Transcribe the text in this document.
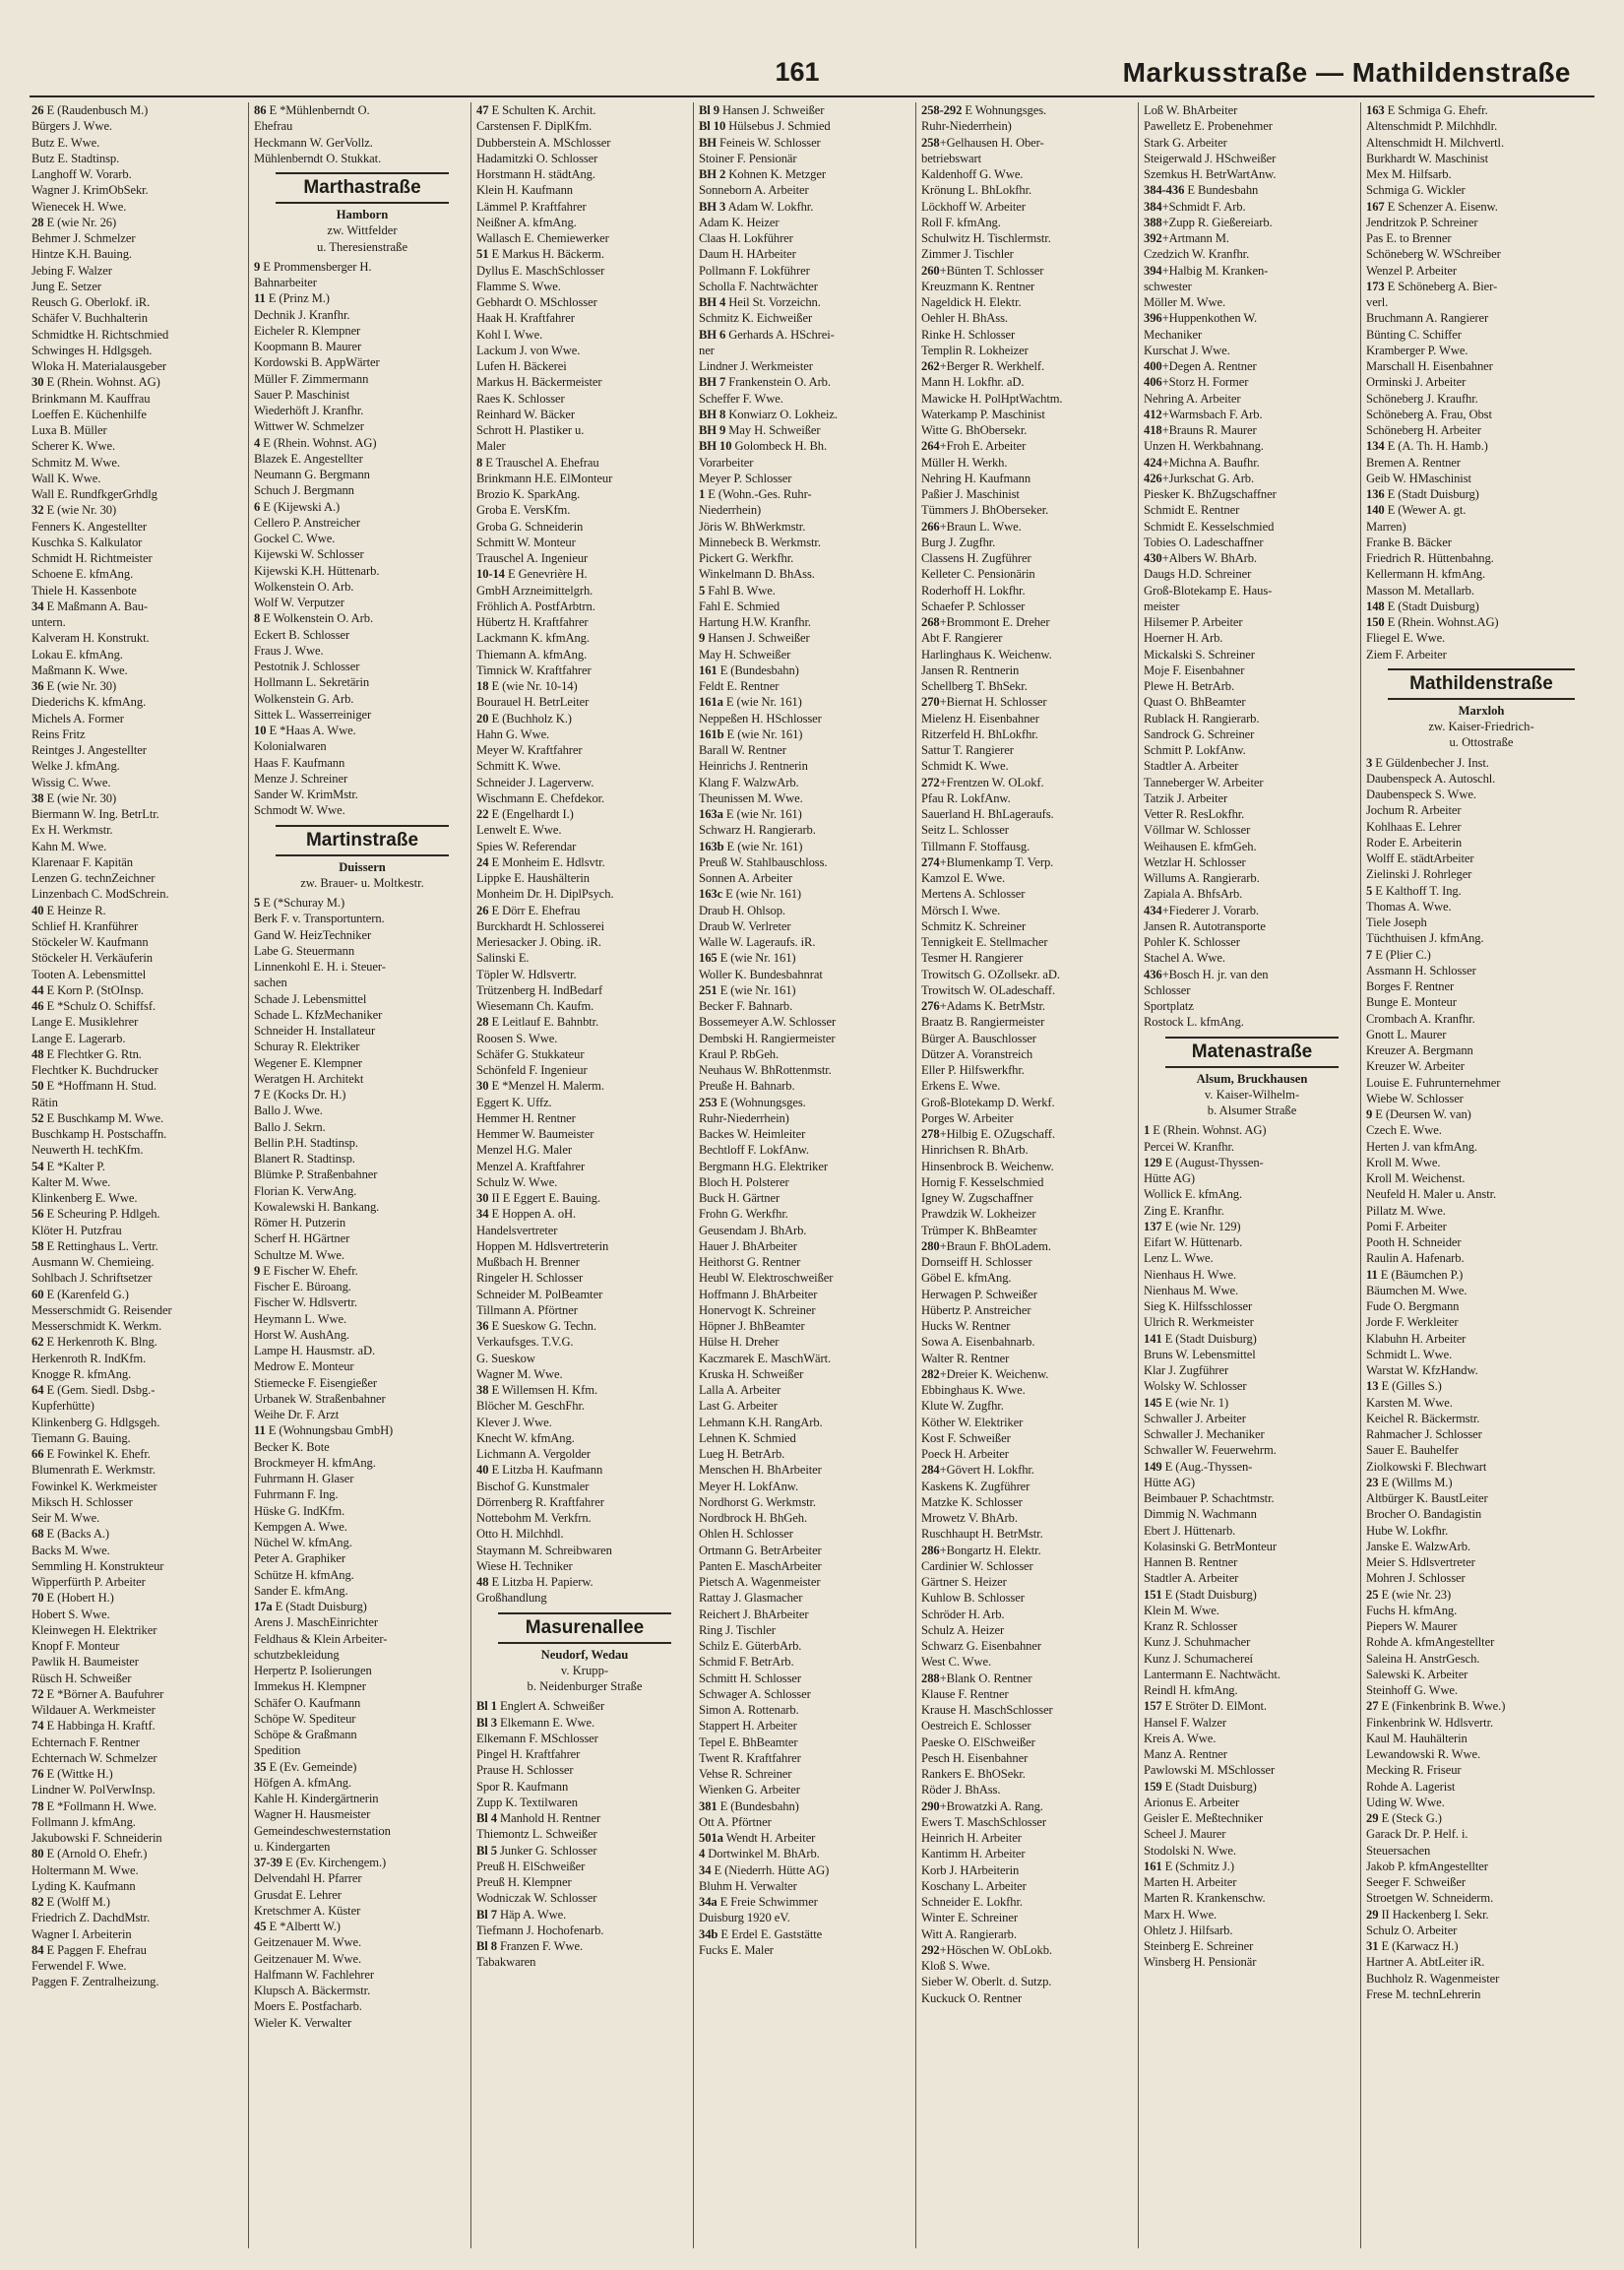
161	Markusstraße — Mathildenstraße
26 E (Raudenbusch M.)
Bürgers J. Wwe.
Butz E. Wwe.
Butz E. Stadtinsp.
Langhoff W. Vorarb.
Wagner J. KrimObSekr.
Wienecek H. Wwe.
28 E (wie Nr. 26)
Behmer J. Schmelzer
Hintze K.H. Bauing.
Jebing F. Walzer
Jung E. Setzer
Reusch G. Oberlokf. iR.
Schäfer V. Buchhalterin
Schmidtke H. Richtschmied
Schwinges H. Hdlgsgeh.
Wloka H. Materialausgeber
30 E (Rhein. Wohnst. AG)
Brinkmann M. Kauffrau
Loeffen E. Küchenhilfe
Luxa B. Müller
Scherer K. Wwe.
Schmitz M. Wwe.
Wall K. Wwe.
Wall E. RundfkgerGrhdlg
32 E (wie Nr. 30)
Fenners K. Angestellter
Kuschka S. Kalkulator
Schmidt H. Richtmeister
Schoene E. kfmAng.
Thiele H. Kassenbote
34 E Maßmann A. Bau-
untern.
Kalveram H. Konstrukt.
Lokau E. kfmAng.
Maßmann K. Wwe.
36 E (wie Nr. 30)
Diederichs K. kfmAng.
Michels A. Former
Reins Fritz
Reintges J. Angestellter
Welke J. kfmAng.
Wissig C. Wwe.
38 E (wie Nr. 30)
Biermann W. Ing. BetrLtr.
Ex H. Werkmstr.
Kahn M. Wwe.
Klarenaar F. Kapitän
Lenzen G. technZeichner
Linzenbach C. ModSchrein.
40 E Heinze R.
Schlief H. Kranführer
Stöckeler W. Kaufmann
Stöckeler H. Verkäuferin
Tooten A. Lebensmittel
44 E Korn P. (StOInsp.
46 E *Schulz O. Schiffsf.
Lange E. Musiklehrer
Lange E. Lagerarb.
48 E Flechtker G. Rtn.
Flechtker K. Buchdrucker
50 E *Hoffmann H. Stud.
Rätin
52 E Buschkamp M. Wwe.
Buschkamp H. Postschaffn.
Neuwerth H. techKfm.
54 E *Kalter P.
Kalter M. Wwe.
Klinkenberg E. Wwe.
56 E Scheuring P. Hdlgeh.
Klöter H. Putzfrau
58 E Rettinghaus L. Vertr.
Ausmann W. Chemieing.
Sohlbach J. Schriftsetzer
60 E (Karenfeld G.)
Messerschmidt G. Reisender
Messerschmidt K. Werkm.
62 E Herkenroth K. Blng.
Herkenroth R. IndKfm.
Knogge R. kfmAng.
64 E (Gem. Siedl. Dsbg.-
Kupferhütte)
Klinkenberg G. Hdlgsgeh.
Tiemann G. Bauing.
66 E Fowinkel K. Ehefr.
Blumenrath E. Werkmstr.
Fowinkel K. Werkmeister
Miksch H. Schlosser
Seir M. Wwe.
68 E (Backs A.)
Backs M. Wwe.
Semmling H. Konstrukteur
Wipperfürth P. Arbeiter
70 E (Hobert H.)
Hobert S. Wwe.
Kleinwegen H. Elektriker
Knopf F. Monteur
Pawlik H. Baumeister
Rüsch H. Schweißer
72 E *Börner A. Baufuhrer
Wildauer A. Werkmeister
74 E Habbinga H. Kraftf.
Echternach F. Rentner
Echternach W. Schmelzer
76 E (Wittke H.)
Lindner W. PolVerwInsp.
78 E *Follmann H. Wwe.
Follmann J. kfmAng.
Jakubowski F. Schneiderin
80 E (Arnold O. Ehefr.)
Holtermann M. Wwe.
Lyding K. Kaufmann
82 E (Wolff M.)
Friedrich Z. DachdMstr.
Wagner I. Arbeiterin
84 E Paggen F. Ehefrau
Ferwendel F. Wwe.
Paggen F. Zentralheizung.
86 E *Mühlenberndt O.
Ehefrau
Heckmann W. GerVollz.
Mühlenberndt O. Stukkat.
Marthastraße
Hamborn
zw. Wittfelder
u. Theresienstraße
9 E Prommensberger H.
Bahnarbeiter
11 E (Prinz M.)
Dechnik J. Kranfhr.
Eicheler R. Klempner
Koopmann B. Maurer
Kordowski B. AppWärter
Müller F. Zimmermann
Sauer P. Maschinist
Wiederhöft J. Kranfhr.
Wittwer W. Schmelzer
4 E (Rhein. Wohnst. AG)
Blazek E. Angestellter
Neumann G. Bergmann
Schuch J. Bergmann
6 E (Kijewski A.)
Cellero P. Anstreicher
Gockel C. Wwe.
Kijewski W. Schlosser
Kijewski K.H. Hüttenarb.
Wolkenstein O. Arb.
Wolf W. Verputzer
8 E Wolkenstein O. Arb.
Eckert B. Schlosser
Fraus J. Wwe.
Pestotnik J. Schlosser
Hollmann L. Sekretärin
Wolkenstein G. Arb.
Sittek L. Wasserreiniger
10 E *Haas A. Wwe.
Kolonialwaren
Haas F. Kaufmann
Menze J. Schreiner
Sander W. KrimMstr.
Schmodt W. Wwe.
Martinstraße
Duissern
zw. Brauer- u. Moltkestr.
5 E (*Schuray M.)
Berk F. v. Transportuntern.
Gand W. HeizTechniker
Labe G. Steuermann
Linnenkohl E. H. i. Steuer-
sachen
Schade J. Lebensmittel
Schade L. KfzMechaniker
Schneider H. Installateur
Schuray R. Elektriker
Wegener E. Klempner
Weratgen H. Architekt
7 E (Kocks Dr. H.)
Ballo J. Wwe.
Ballo J. Sekrn.
Bellin P.H. Stadtinsp.
Blanert R. Stadtinsp.
Blümke P. Straßenbahner
Florian K. VerwAng.
Kowalewski H. Bankang.
Römer H. Putzerin
Scherf H. HGärtner
Schultze M. Wwe.
9 E Fischer W. Ehefr.
Fischer E. Büroang.
Fischer W. Hdlsvertr.
Heymann L. Wwe.
Horst W. AushAng.
Lampe H. Hausmstr. aD.
Medrow E. Monteur
Stiemecke F. Eisengießer
Urbanek W. Straßenbahner
Weihe Dr. F. Arzt
11 E (Wohnungsbau GmbH)
Becker K. Bote
Brockmeyer H. kfmAng.
Fuhrmann H. Glaser
Fuhrmann F. Ing.
Hüske G. IndKfm.
Kempgen A. Wwe.
Nüchel W. kfmAng.
Peter A. Graphiker
Schütze H. kfmAng.
Sander E. kfmAng.
17a E (Stadt Duisburg)
Arens J. MaschEinrichter
Feldhaus & Klein Arbeiter-
schutzbekleidung
Herpertz P. Isolierungen
Immekus H. Klempner
Schäfer O. Kaufmann
Schöpe W. Spediteur
Schöpe & Graßmann
Spedition
35 E (Ev. Gemeinde)
Höfgen A. kfmAng.
Kahle H. Kindergärtnerin
Wagner H. Hausmeister
Gemeindeschwesternstation
u. Kindergarten
37-39 E (Ev. Kirchengem.)
Delvendahl H. Pfarrer
Grusdat E. Lehrer
Kretschmer A. Küster
45 E *Albertt W.)
Geitzenauer M. Wwe.
Geitzenauer M. Wwe.
Halfmann W. Fachlehrer
Klupsch A. Bäckermstr.
Moers E. Postfacharb.
Wieler K. Verwalter
47 E Schulten K. Archit.
Carstensen F. DiplKfm.
Dubberstein A. MSchlosser
Hadamitzki O. Schlosser
Horstmann H. städtAng.
Klein H. Kaufmann
Lämmel P. Kraftfahrer
Neißner A. kfmAng.
Wallasch E. Chemiewerker
51 E Markus H. Bäckerm.
Dyllus E. MaschSchlosser
Flamme S. Wwe.
Gebhardt O. MSchlosser
Haak H. Kraftfahrer
Kohl I. Wwe.
Lackum J. von Wwe.
Lufen H. Bäckerei
Markus H. Bäckermeister
Raes K. Schlosser
Reinhard W. Bäcker
Schrott H. Plastiker u.
Maler
8 E Trauschel A. Ehefrau
Brinkmann H.E. ElMonteur
Brozio K. SparkAng.
Groba E. VersKfm.
Groba G. Schneiderin
Schmitt W. Monteur
Trauschel A. Ingenieur
10-14 E Genevrière H.
GmbH Arzneimittelgrh.
Fröhlich A. PostfArbtrn.
Hübertz H. Kraftfahrer
Lackmann K. kfmAng.
Thiemann A. kfmAng.
Timnick W. Kraftfahrer
18 E (wie Nr. 10-14)
Bourauel H. BetrLeiter
20 E (Buchholz K.)
Hahn G. Wwe.
Meyer W. Kraftfahrer
Schmitt K. Wwe.
Schneider J. Lagerverw.
Wischmann E. Chefdekor.
22 E (Engelhardt I.)
Lenwelt E. Wwe.
Spies W. Referendar
24 E Monheim E. Hdlsvtr.
Lippke E. Haushälterin
Monheim Dr. H. DiplPsych.
26 E Dörr E. Ehefrau
Burckhardt H. Schlosserei
Meriesacker J. Obing. iR.
Salinski E.
Töpler W. Hdlsvertr.
Trützenberg H. IndBedarf
Wiesemann Ch. Kaufm.
28 E Leitlauf E. Bahnbtr.
Roosen S. Wwe.
Schäfer G. Stukkateur
Schönfeld F. Ingenieur
30 E *Menzel H. Malerm.
Eggert K. Uffz.
Hemmer H. Rentner
Hemmer W. Baumeister
Menzel H.G. Maler
Menzel A. Kraftfahrer
Schulz W. Wwe.
30 II E Eggert E. Bauing.
34 E Hoppen A. oH.
Handelsvertreter
Hoppen M. Hdlsvertreterin
Mußbach H. Brenner
Ringeler H. Schlosser
Schneider M. PolBeamter
Tillmann A. Pförtner
36 E Sueskow G. Techn.
Verkaufsges. T.V.G.
G. Sueskow
Wagner M. Wwe.
38 E Willemsen H. Kfm.
Blöcher M. GeschFhr.
Klever J. Wwe.
Knecht W. kfmAng.
Lichmann A. Vergolder
40 E Litzba H. Kaufmann
Bischof G. Kunstmaler
Dörrenberg R. Kraftfahrer
Nottebohm M. Verkfrn.
Otto H. Milchhdl.
Staymann M. Schreibwaren
Wiese H. Techniker
48 E Litzba H. Papierw.
Großhandlung
Masurenallee
Neudorf, Wedau
v. Krupp-
b. Neidenburger Straße
Bl 1 Englert A. Schweißer
Bl 3 Elkemann E. Wwe.
Elkemann F. MSchlosser
Pingel H. Kraftfahrer
Prause H. Schlosser
Spor R. Kaufmann
Zupp K. Textilwaren
Bl 4 Manhold H. Rentner
Thiemontz L. Schweißer
Bl 5 Junker G. Schlosser
Preuß H. ElSchweißer
Preuß H. Klempner
Wodniczak W. Schlosser
Bl 7 Häp A. Wwe.
Tiefmann J. Hochofenarb.
Bl 8 Franzen F. Wwe.
Tabakwaren
Bl 9 Hansen J. Schweißer
Bl 10 Hülsebus J. Schmied
BH Feineis W. Schlosser
Stoiner F. Pensionär
BH 2 Kohnen K. Metzger
Sonneborn A. Arbeiter
BH 3 Adam W. Lokfhr.
Adam K. Heizer
Claas H. Lokführer
Daum H. HArbeiter
Pollmann F. Lokführer
Scholla F. Nachtwächter
BH 4 Heil St. Vorzeichn.
Schmitz K. Eichweißer
BH 6 Gerhards A. HSchrei-
ner
Lindner J. Werkmeister
BH 7 Frankenstein O. Arb.
Scheffer F. Wwe.
BH 8 Konwiarz O. Lokheiz.
BH 9 May H. Schweißer
BH 10 Golombeck H. Bh.
Vorarbeiter
Meyer P. Schlosser
1 E (Wohn.-Ges. Ruhr-
Niederrhein)
Jöris W. BhWerkmstr.
Minnebeck B. Werkmstr.
Pickert G. Werkfhr.
Winkelmann D. BhAss.
5 Fahl B. Wwe.
Fahl E. Schmied
Hartung H.W. Kranfhr.
9 Hansen J. Schweißer
May H. Schweißer
161 E (Bundesbahn)
Feldt E. Rentner
161a E (wie Nr. 161)
Neppeßen H. HSchlosser
161b E (wie Nr. 161)
Barall W. Rentner
Heinrichs J. Rentnerin
Klang F. WalzwArb.
Theunissen M. Wwe.
163a E (wie Nr. 161)
Schwarz H. Rangierarb.
163b E (wie Nr. 161)
Preuß W. Stahlbauschloss.
Sonnen A. Arbeiter
163c E (wie Nr. 161)
Draub H. Ohlsop.
Draub W. Verlreter
Walle W. Lageraufs. iR.
165 E (wie Nr. 161)
Woller K. Bundesbahnrat
251 E (wie Nr. 161)
Becker F. Bahnarb.
Bossemeyer A.W. Schlosser
Dembski H. Rangiermeister
Kraul P. RbGeh.
Neuhaus W. BhRottenmstr.
Preuße H. Bahnarb.
253 E (Wohnungsges.
Ruhr-Niederrhein)
Backes W. Heimleiter
Bechtloff F. LokfAnw.
Bergmann H.G. Elektriker
Bloch H. Polsterer
Buck H. Gärtner
Frohn G. Werkfhr.
Geusendam J. BhArb.
Hauer J. BhArbeiter
Heithorst G. Rentner
Heubl W. Elektroschweißer
Hoffmann J. BhArbeiter
Honervogt K. Schreiner
Höpner J. BhBeamter
Hülse H. Dreher
Kaczmarek E. MaschWärt.
Kruska H. Schweißer
Lalla A. Arbeiter
Last G. Arbeiter
Lehmann K.H. RangArb.
Lehnen K. Schmied
Lueg H. BetrArb.
Menschen H. BhArbeiter
Meyer H. LokfAnw.
Nordhorst G. Werkmstr.
Nordbrock H. BhGeh.
Ohlen H. Schlosser
Ortmann G. BetrArbeiter
Panten E. MaschArbeiter
Pietsch A. Wagenmeister
Rattay J. Glasmacher
Reichert J. BhArbeiter
Ring J. Tischler
Schilz E. GüterbArb.
Schmid F. BetrArb.
Schmitt H. Schlosser
Schwager A. Schlosser
Simon A. Rottenarb.
Stappert H. Arbeiter
Tepel E. BhBeamter
Twent R. Kraftfahrer
Vehse R. Schreiner
Wienken G. Arbeiter
381 E (Bundesbahn)
Ott A. Pförtner
501a Wendt H. Arbeiter
4 Dortwinkel M. BhArb.
34 E (Niederrh. Hütte AG)
Bluhm H. Verwalter
34a E Freie Schwimmer
Duisburg 1920 eV.
34b E Erdel E. Gaststätte
Fucks E. Maler
258-292 E Wohnungsges.
Ruhr-Niederrhein)
258+Gelhausen H. Ober-
betriebswart
Kaldenhoff G. Wwe.
Krönung L. BhLokfhr.
Löckhoff W. Arbeiter
Roll F. kfmAng.
Schulwitz H. Tischlermstr.
Zimmer J. Tischler
260+Bünten T. Schlosser
Kreuzmann K. Rentner
Nageldick H. Elektr.
Oehler H. BhAss.
Rinke H. Schlosser
Templin R. Lokheizer
262+Berger R. Werkhelf.
Mann H. Lokfhr. aD.
Mawicke H. PolHptWachtm.
Waterkamp P. Maschinist
Witte G. BhObersekr.
264+Froh E. Arbeiter
Müller H. Werkh.
Nehring H. Kaufmann
Paßier J. Maschinist
Tümmers J. BhOberseker.
266+Braun L. Wwe.
Burg J. Zugfhr.
Classens H. Zugführer
Kelleter C. Pensionärin
Roderhoff H. Lokfhr.
Schaefer P. Schlosser
268+Brommont E. Dreher
Abt F. Rangierer
Harlinghaus K. Weichenw.
Jansen R. Rentnerin
Schellberg T. BhSekr.
270+Biernat H. Schlosser
Mielenz H. Eisenbahner
Ritzerfeld H. BhLokfhr.
Sattur T. Rangierer
Schmidt K. Wwe.
272+Frentzen W. OLokf.
Pfau R. LokfAnw.
Sauerland H. BhLageraufs.
Seitz L. Schlosser
Tillmann F. Stoffausg.
274+Blumenkamp T. Verp.
Kamzol E. Wwe.
Mertens A. Schlosser
Mörsch I. Wwe.
Schmitz K. Schreiner
Tennigkeit E. Stellmacher
Tesmer H. Rangierer
Trowitsch G. OZollsekr. aD.
Trowitsch W. OLadeschaff.
276+Adams K. BetrMstr.
Braatz B. Rangiermeister
Bürger A. Bauschlosser
Dützer A. Voranstreich
Eller P. Hilfswerkfhr.
Erkens E. Wwe.
Groß-Blotekamp D. Werkf.
Porges W. Arbeiter
278+Hilbig E. OZugschaff.
Hinrichsen R. BhArb.
Hinsenbrock B. Weichenw.
Hornig F. Kesselschmied
Igney W. Zugschaffner
Prawdzik W. Lokheizer
Trümper K. BhBeamter
280+Braun F. BhOLadem.
Dornseiff H. Schlosser
Göbel E. kfmAng.
Herwagen P. Schweißer
Hübertz P. Anstreicher
Hucks W. Rentner
Sowa A. Eisenbahnarb.
Walter R. Rentner
282+Dreier K. Weichenw.
Ebbinghaus K. Wwe.
Klute W. Zugfhr.
Köther W. Elektriker
Kost F. Schweißer
Poeck H. Arbeiter
284+Gövert H. Lokfhr.
Kaskens K. Zugführer
Matzke K. Schlosser
Mrowetz V. BhArb.
Ruschhaupt H. BetrMstr.
286+Bongartz H. Elektr.
Cardinier W. Schlosser
Gärtner S. Heizer
Kuhlow B. Schlosser
Schröder H. Arb.
Schulz A. Heizer
Schwarz G. Eisenbahner
West C. Wwe.
288+Blank O. Rentner
Klause F. Rentner
Krause H. MaschSchlosser
Oestreich E. Schlosser
Paeske O. ElSchweißer
Pesch H. Eisenbahner
Rankers E. BhOSekr.
Röder J. BhAss.
290+Browatzki A. Rang.
Ewers T. MaschSchlosser
Heinrich H. Arbeiter
Kantimm H. Arbeiter
Korb J. HArbeiterin
Koschany L. Arbeiter
Schneider E. Lokfhr.
Winter E. Schreiner
Witt A. Rangierarb.
292+Höschen W. ObLokb.
Kloß S. Wwe.
Sieber W. Oberlt. d. Sutzp.
Kuckuck O. Rentner
Loß W. BhArbeiter
Pawelletz E. Probenehmer
Stark G. Arbeiter
Steigerwald J. HSchweißer
Szemkus H. BetrWartAnw.
384-436 E Bundesbahn
384+Schmidt F. Arb.
388+Zupp R. Gießereiarb.
392+Artmann M.
Czedzich W. Kranfhr.
394+Halbig M. Kranken-
schwester
Möller M. Wwe.
396+Huppenkothen W.
Mechaniker
Kurschat J. Wwe.
400+Degen A. Rentner
406+Storz H. Former
Nehring A. Arbeiter
412+Warmsbach F. Arb.
418+Brauns R. Maurer
Unzen H. Werkbahnang.
424+Michna A. Baufhr.
426+Jurkschat G. Arb.
Piesker K. BhZugschaffner
Schmidt E. Rentner
Schmidt E. Kesselschmied
Tobies O. Ladeschaffner
430+Albers W. BhArb.
Daugs H.D. Schreiner
Groß-Blotekamp E. Haus-
meister
Hilsemer P. Arbeiter
Hoerner H. Arb.
Mickalski S. Schreiner
Moje F. Eisenbahner
Plewe H. BetrArb.
Quast O. BhBeamter
Rublack H. Rangierarb.
Sandrock G. Schreiner
Schmitt P. LokfAnw.
Stadtler A. Arbeiter
Tanneberger W. Arbeiter
Tatzik J. Arbeiter
Vetter R. ResLokfhr.
Völlmar W. Schlosser
Weihausen E. kfmGeh.
Wetzlar H. Schlosser
Willums A. Rangierarb.
Zapiala A. BhfsArb.
434+Fiederer J. Vorarb.
Jansen R. Autotransporte
Pohler K. Schlosser
Stachel A. Wwe.
436+Bosch H. jr. van den
Schlosser
Sportplatz
Rostock L. kfmAng.
Matenastraße
Alsum, Bruckhausen
v. Kaiser-Wilhelm-
b. Alsumer Straße
1 E (Rhein. Wohnst. AG)
Percei W. Kranfhr.
129 E (August-Thyssen-
Hütte AG)
Wollick E. kfmAng.
Zing E. Kranfhr.
137 E (wie Nr. 129)
Eifart W. Hüttenarb.
Lenz L. Wwe.
Nienhaus H. Wwe.
Nienhaus M. Wwe.
Sieg K. Hilfsschlosser
Ulrich R. Werkmeister
141 E (Stadt Duisburg)
Bruns W. Lebensmittel
Klar J. Zugführer
Wolsky W. Schlosser
145 E (wie Nr. 1)
Schwaller J. Arbeiter
Schwaller J. Mechaniker
Schwaller W. Feuerwehrm.
149 E (Aug.-Thyssen-
Hütte AG)
Beimbauer P. Schachtmstr.
Dimmig N. Wachmann
Ebert J. Hüttenarb.
Kolasinski G. BetrMonteur
Hannen B. Rentner
Stadtler A. Arbeiter
151 E (Stadt Duisburg)
Klein M. Wwe.
Kranz R. Schlosser
Kunz J. Schuhmacher
Kunz J. Schumachereí
Lantermann E. Nachtwächt.
Reindl H. kfmAng.
157 E Ströter D. ElMont.
Hansel F. Walzer
Kreis A. Wwe.
Manz A. Rentner
Pawlowski M. MSchlosser
159 E (Stadt Duisburg)
Arionus E. Arbeiter
Geisler E. Meßtechniker
Scheel J. Maurer
Stodolski N. Wwe.
161 E (Schmitz J.)
Marten H. Arbeiter
Marten R. Krankenschw.
Marx H. Wwe.
Ohletz J. Hilfsarb.
Steinberg E. Schreiner
Winsberg H. Pensionär
163 E Schmiga G. Ehefr.
Altenschmidt P. Milchhdlr.
Altenschmidt H. Milchvertl.
Burkhardt W. Maschinist
Mex M. Hilfsarb.
Schmiga G. Wickler
167 E Schenzer A. Eisenw.
Jendritzok P. Schreiner
Pas E. to Brenner
Schöneberg W. WSchreiber
Wenzel P. Arbeiter
173 E Schöneberg A. Bier-
verl.
Bruchmann A. Rangierer
Bünting C. Schiffer
Kramberger P. Wwe.
Marschall H. Eisenbahner
Orminski J. Arbeiter
Schöneberg J. Kraufhr.
Schöneberg A. Frau, Obst
Schöneberg H. Arbeiter
134 E (A. Th. H. Hamb.)
Bremen A. Rentner
Geib W. HMaschinist
136 E (Stadt Duisburg)
140 E (Wewer A. gt.
Marren)
Franke B. Bäcker
Friedrich R. Hüttenbahng.
Kellermann H. kfmAng.
Masson M. Metallarb.
148 E (Stadt Duisburg)
150 E (Rhein. Wohnst.AG)
Fliegel E. Wwe.
Ziem F. Arbeiter
Mathildenstraße
Marxloh
zw. Kaiser-Friedrich-
u. Ottostraße
3 E Güldenbecher J. Inst.
Daubenspeck A. Autoschl.
Daubenspeck S. Wwe.
Jochum R. Arbeiter
Kohlhaas E. Lehrer
Roder E. Arbeiterin
Wolff E. städtArbeiter
Zielinski J. Rohrleger
5 E Kalthoff T. Ing.
Thomas A. Wwe.
Tiele Joseph
Tüchthuisen J. kfmAng.
7 E (Plier C.)
Assmann H. Schlosser
Borges F. Rentner
Bunge E. Monteur
Crombach A. Kranfhr.
Gnott L. Maurer
Kreuzer A. Bergmann
Kreuzer W. Arbeiter
Louise E. Fuhrunternehmer
Wiebe W. Schlosser
9 E (Deursen W. van)
Czech E. Wwe.
Herten J. van kfmAng.
Kroll M. Wwe.
Kroll M. Weichenst.
Neufeld H. Maler u. Anstr.
Pillatz M. Wwe.
Pomi F. Arbeiter
Pooth H. Schneider
Raulin A. Hafenarb.
11 E (Bäumchen P.)
Bäumchen M. Wwe.
Fude O. Bergmann
Jorde F. Werkleiter
Klabuhn H. Arbeiter
Schmidt L. Wwe.
Warstat W. KfzHandw.
13 E (Gilles S.)
Karsten M. Wwe.
Keichel R. Bäckermstr.
Rahmacher J. Schlosser
Sauer E. Bauhelfer
Ziolkowski F. Blechwart
23 E (Willms M.)
Altbürger K. BaustLeiter
Brocher O. Bandagistin
Hube W. Lokfhr.
Janske E. WalzwArb.
Meier S. Hdlsvertreter
Mohren J. Schlosser
25 E (wie Nr. 23)
Fuchs H. kfmAng.
Piepers W. Maurer
Rohde A. kfmAngestellter
Saleina H. AnstrGesch.
Salewski K. Arbeiter
Steinhoff G. Wwe.
27 E (Finkenbrink B. Wwe.)
Finkenbrink W. Hdlsvertr.
Kaul M. Hauhälterin
Lewandowski R. Wwe.
Mecking R. Friseur
Rohde A. Lagerist
Uding W. Wwe.
29 E (Steck G.)
Garack Dr. P. Helf. i.
Steuersachen
Jakob P. kfmAngestellter
Seeger F. Schweißer
Stroetgen W. Schneiderm.
29 II Hackenberg I. Sekr.
Schulz O. Arbeiter
31 E (Karwacz H.)
Hartner A. AbtLeiter iR.
Buchholz R. Wagenmeister
Frese M. technLehrerin
